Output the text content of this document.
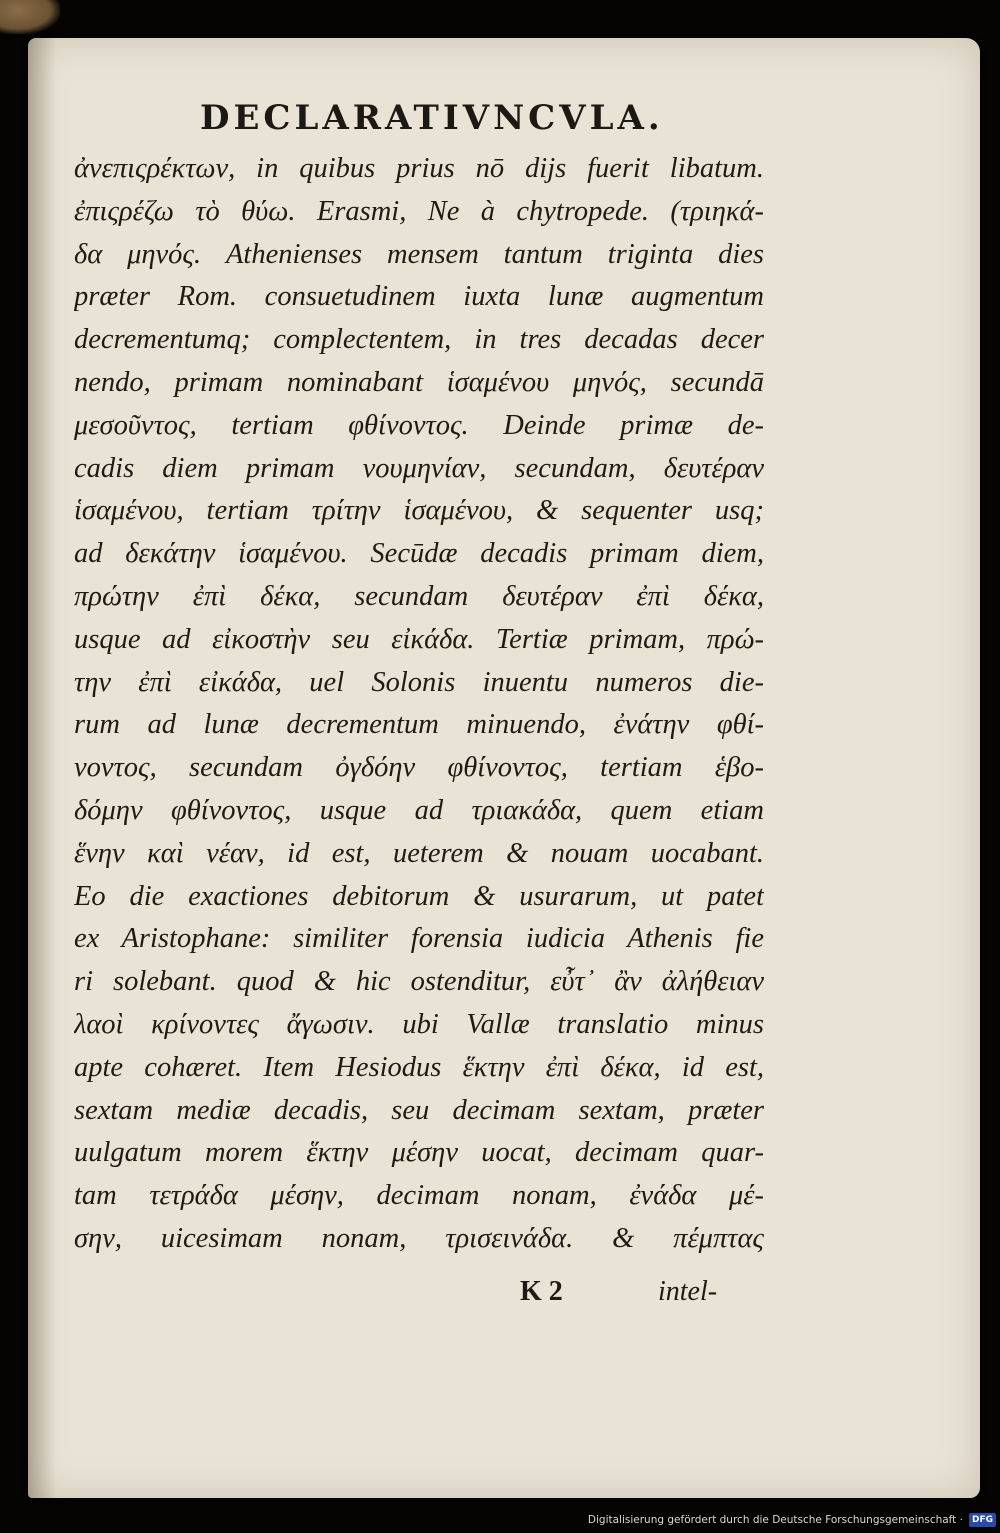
DECLARATIVNCVLA.
ἀνεπιςρέκτων, in quibus prius nō dijs fuerit libatum.
ἐπιςρέζω τὸ θύω. Erasmi, Ne à chytropede. (τριηκά-
δα μηνός. Athenienses mensem tantum triginta dies
præter Rom. consuetudinem iuxta lunæ augmentum
decrementumq; complectentem, in tres decadas decer
nendo, primam nominabant ἱσαμένου μηνός, secundā
μεσοῦντος, tertiam φθίνοντος. Deinde primæ de-
cadis diem primam νουμηνίαν, secundam, δευτέραν
ἱσαμένου, tertiam τρίτην ἱσαμένου, & sequenter usq;
ad δεκάτην ἱσαμένου. Secūdæ decadis primam diem,
πρώτην ἐπὶ δέκα, secundam δευτέραν ἐπὶ δέκα,
usque ad εἰκοστὴν seu εἰκάδα. Tertiæ primam, πρώ-
την ἐπὶ εἰκάδα, uel Solonis inuentu numeros die-
rum ad lunæ decrementum minuendo, ἐνάτην φθί-
νοντος, secundam ὀγδόην φθίνοντος, tertiam ἑβο-
δόμην φθίνοντος, usque ad τριακάδα, quem etiam
ἕνην καὶ νέαν, id est, ueterem & nouam uocabant.
Eo die exactiones debitorum & usurarum, ut patet
ex Aristophane: similiter forensia iudicia Athenis fie
ri solebant. quod & hic ostenditur, εὖτ᾽ ἂν ἀλήθειαν
λαοὶ κρίνοντες ἄγωσιν. ubi Vallæ translatio minus
apte cohæret. Item Hesiodus ἕκτην ἐπὶ δέκα, id est,
sextam mediæ decadis, seu decimam sextam, præter
uulgatum morem ἕκτην μέσην uocat, decimam quar-
tam τετράδα μέσην, decimam nonam, ἐνάδα μέ-
σην, uicesimam nonam, τρισεινάδα. & πέμπτας
K 2	intel-
Digitalisierung gefördert durch die Deutsche Forschungsgemeinschaft ·	DFG
